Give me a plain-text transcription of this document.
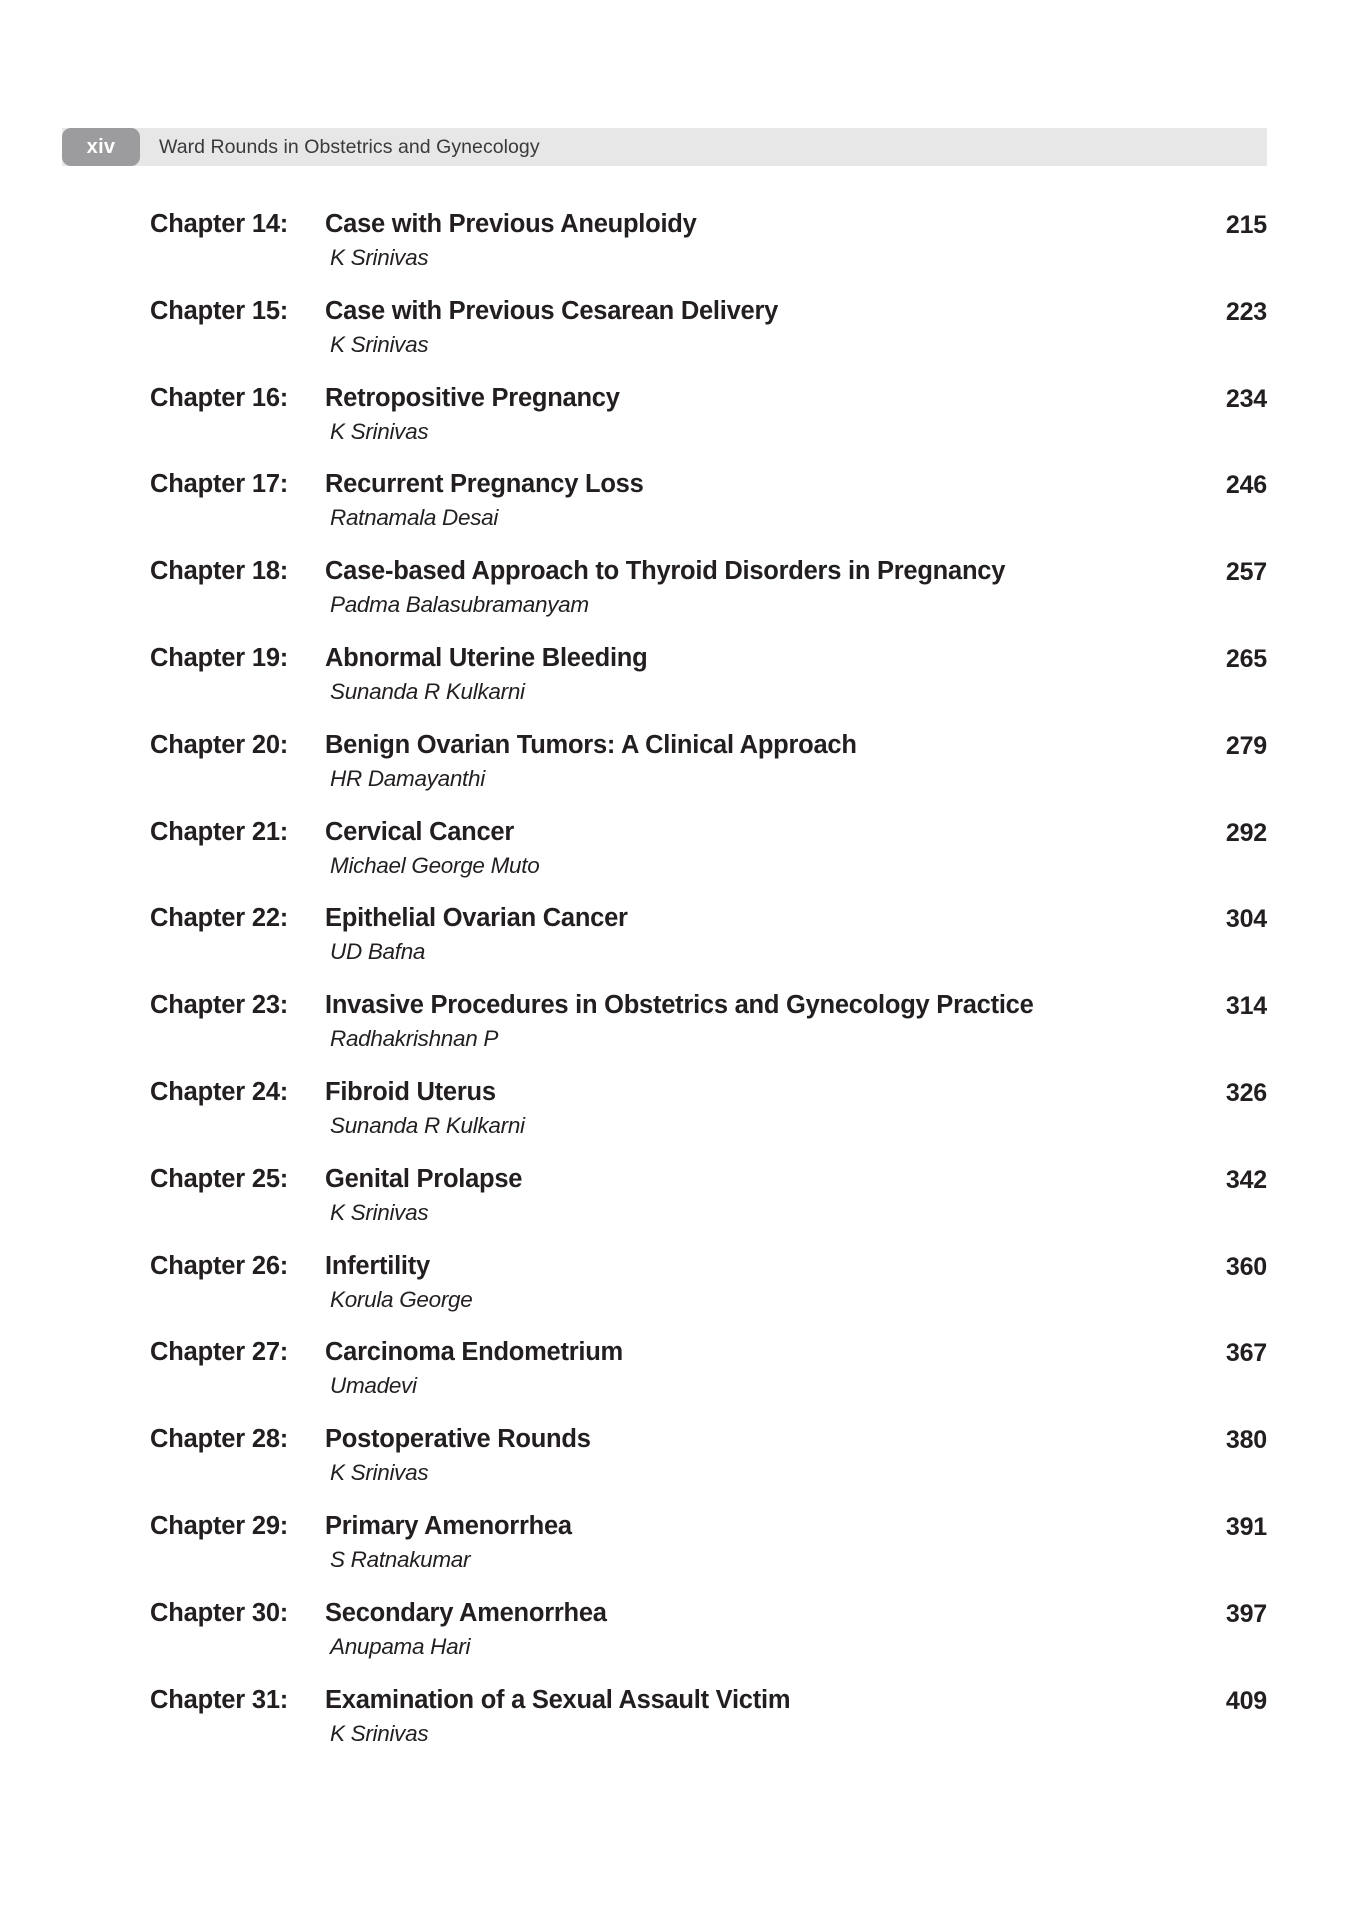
xiv	Ward Rounds in Obstetrics and Gynecology
Chapter 14:	Case with Previous Aneuploidy
K Srinivas
215
Chapter 15:	Case with Previous Cesarean Delivery
K Srinivas
223
Chapter 16:	Retropositive Pregnancy
K Srinivas
234
Chapter 17:	Recurrent Pregnancy Loss
Ratnamala Desai
246
Chapter 18:	Case-based Approach to Thyroid Disorders in Pregnancy
Padma Balasubramanyam
257
Chapter 19:	Abnormal Uterine Bleeding
Sunanda R Kulkarni
265
Chapter 20:	Benign Ovarian Tumors: A Clinical Approach
HR Damayanthi
279
Chapter 21:	Cervical Cancer
Michael George Muto
292
Chapter 22:	Epithelial Ovarian Cancer
UD Bafna
304
Chapter 23:	Invasive Procedures in Obstetrics and Gynecology Practice
Radhakrishnan P
314
Chapter 24:	Fibroid Uterus
Sunanda R Kulkarni
326
Chapter 25:	Genital Prolapse
K Srinivas
342
Chapter 26:	Infertility
Korula George
360
Chapter 27:	Carcinoma Endometrium
Umadevi
367
Chapter 28:	Postoperative Rounds
K Srinivas
380
Chapter 29:	Primary Amenorrhea
S Ratnakumar
391
Chapter 30:	Secondary Amenorrhea
Anupama Hari
397
Chapter 31:	Examination of a Sexual Assault Victim
K Srinivas
409
